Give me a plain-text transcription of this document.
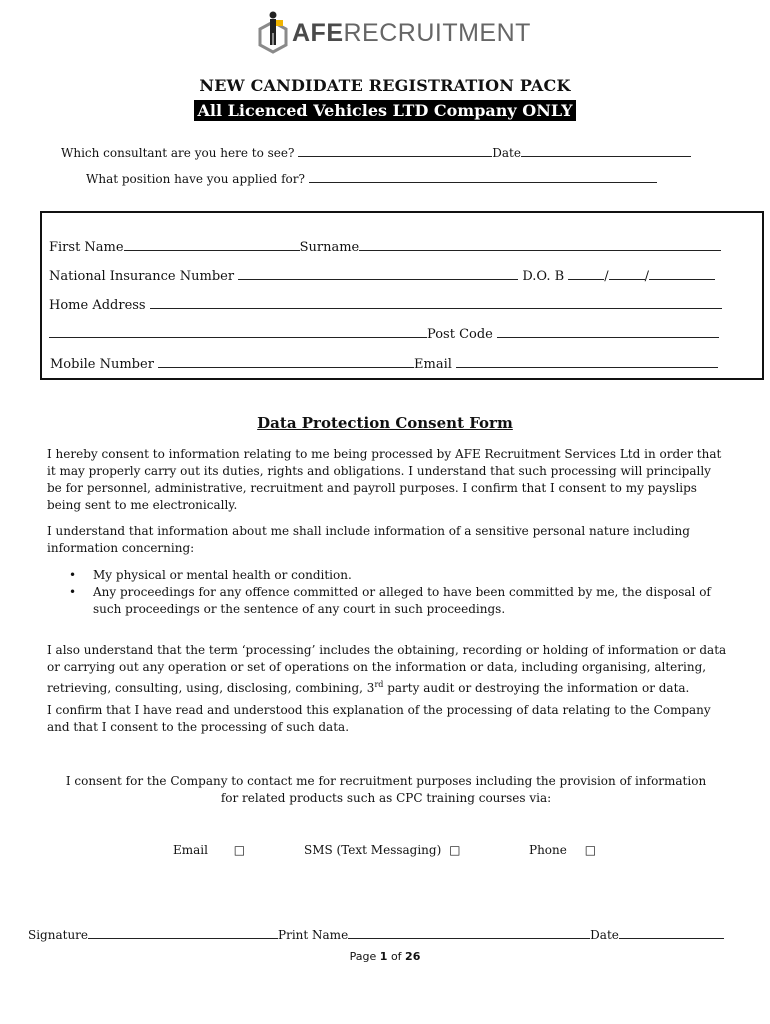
AFERECRUITMENT
NEW CANDIDATE REGISTRATION PACK
All Licenced Vehicles LTD Company ONLY
Which consultant are you here to see?	Date
What position have you applied for?
First Name	Surname
National Insurance Number	D.O. B	/	/
Home Address
Post Code
Mobile Number	Email
Data Protection Consent Form
I hereby consent to information relating to me being processed by AFE Recruitment Services Ltd in order that it may properly carry out its duties, rights and obligations. I understand that such processing will principally be for personnel, administrative, recruitment and payroll purposes. I confirm that I consent to my payslips being sent to me electronically.
I understand that information about me shall include information of a sensitive personal nature including information concerning:
• My physical or mental health or condition.
• Any proceedings for any offence committed or alleged to have been committed by me, the disposal of such proceedings or the sentence of any court in such proceedings.
I also understand that the term ‘processing’ includes the obtaining, recording or holding of information or data or carrying out any operation or set of operations on the information or data, including organising, altering, retrieving, consulting, using, disclosing, combining, 3rd party audit or destroying the information or data.
I confirm that I have read and understood this explanation of the processing of data relating to the Company and that I consent to the processing of such data.
I consent for the Company to contact me for recruitment purposes including the provision of information for related products such as CPC training courses via:
Email □	SMS (Text Messaging) □	Phone □
Signature	Print Name	Date
Page 1 of 26
